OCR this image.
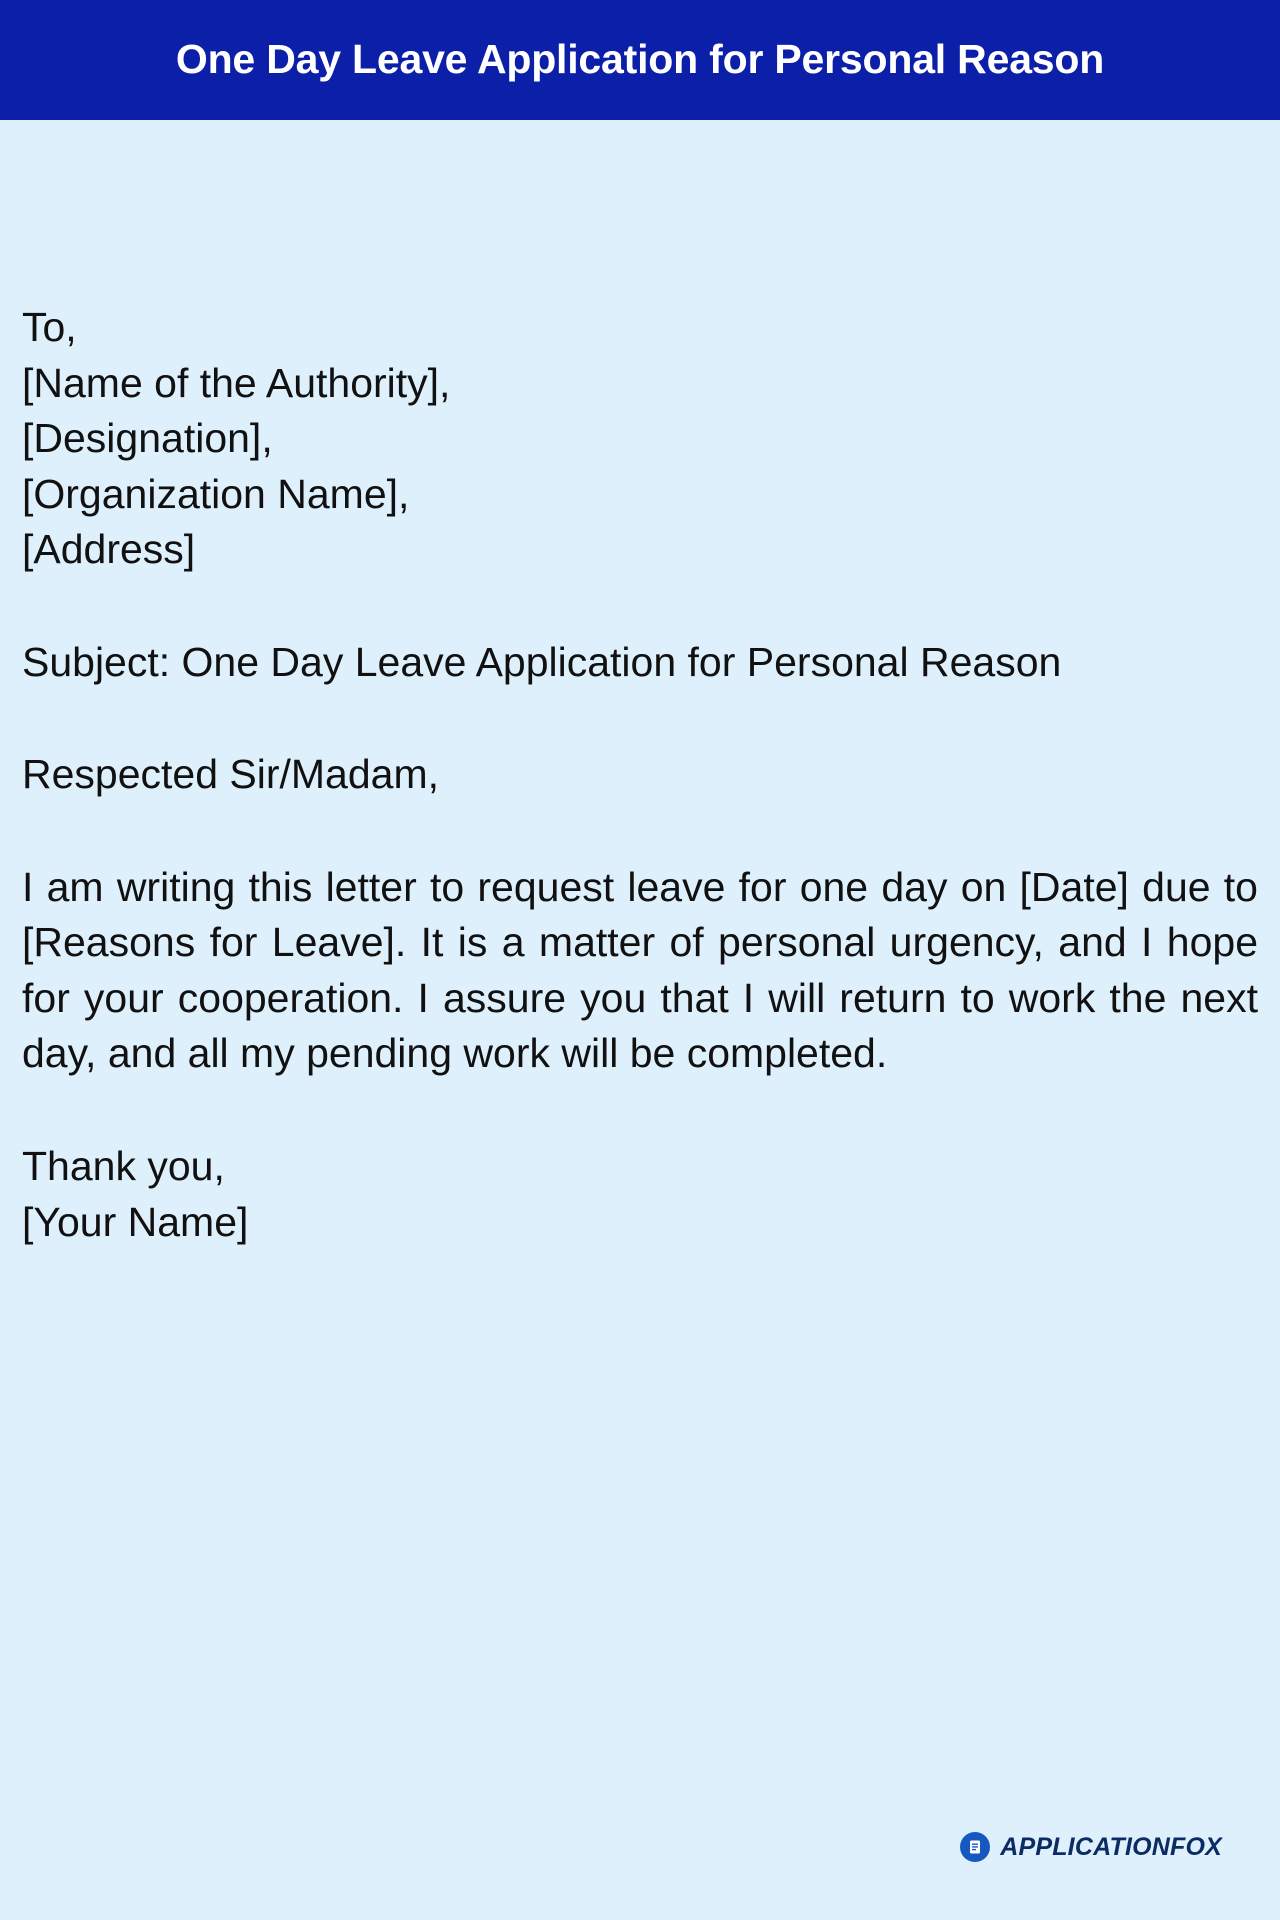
One Day Leave Application for Personal Reason
To,
[Name of the Authority],
[Designation],
[Organization Name],
[Address]
Subject: One Day Leave Application for Personal Reason
Respected Sir/Madam,
I am writing this letter to request leave for one day on [Date] due to [Reasons for Leave]. It is a matter of personal urgency, and I hope for your cooperation. I assure you that I will return to work the next day, and all my pending work will be completed.
Thank you,
[Your Name]
APPLICATIONFOX
